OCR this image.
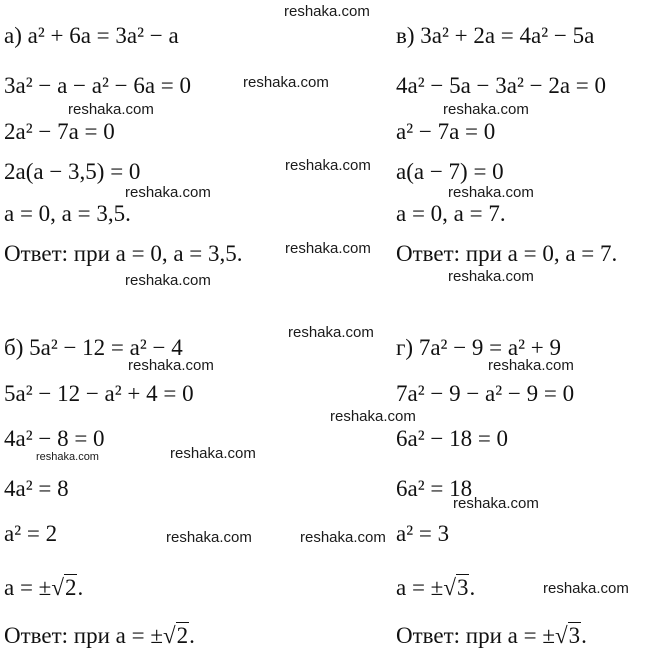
reshaka.com
reshaka.com
reshaka.com
reshaka.com
reshaka.com
reshaka.com
reshaka.com
reshaka.com
reshaka.com
reshaka.com
reshaka.com
reshaka.com	reshaka.com
reshaka.com
reshaka.com	reshaka.com
reshaka.com
reshaka.com	reshaka.com
reshaka.com
а) a² + 6a = 3a² − a
3a² − a − a² − 6a = 0
2a² − 7a = 0
2a(a − 3,5) = 0
a = 0, a = 3,5.
Ответ: при a = 0, a = 3,5.
в) 3a² + 2a = 4a² − 5a
4a² − 5a − 3a² − 2a = 0
a² − 7a = 0
a(a − 7) = 0
a = 0, a = 7.
Ответ: при a = 0, a = 7.
б) 5a² − 12 = a² − 4
5a² − 12 − a² + 4 = 0
4a² − 8 = 0
4a² = 8
a² = 2
a = ±√2.
Ответ: при a = ±√2.
г) 7a² − 9 = a² + 9
7a² − 9 − a² − 9 = 0
6a² − 18 = 0
6a² = 18
a² = 3
a = ±√3.
Ответ: при a = ±√3.
